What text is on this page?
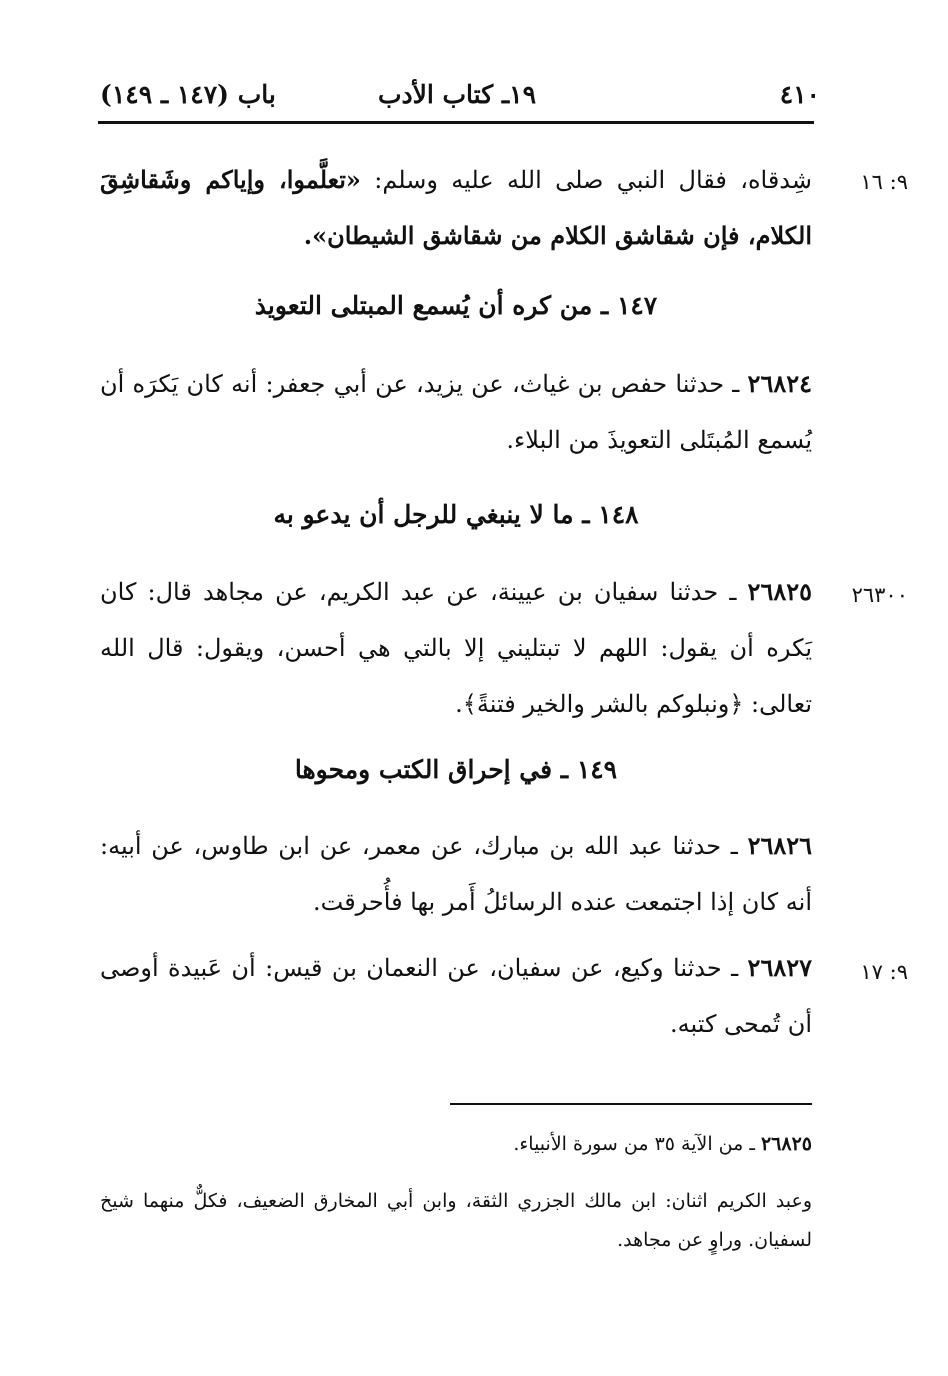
٤١٠
١٩ـ كتاب الأدب
باب (١٤٧ ـ ١٤٩)
٩: ١٦
٢٦٣٠٠
٩: ١٧

شِدقاه، فقال النبي صلى الله عليه وسلم: «تعلَّموا، وإياكم وشَقاشِقَ الكلام، فإن شقاشق الكلام من شقاشق الشيطان».

١٤٧ ـ من كره أن يُسمع المبتلى التعويذ

٢٦٨٢٤ ـ حدثنا حفص بن غياث، عن يزيد، عن أبي جعفر: أنه كان يَكرَه أن يُسمع المُبتَلى التعويذَ من البلاء.

١٤٨ ـ ما لا ينبغي للرجل أن يدعو به

٢٦٨٢٥ ـ حدثنا سفيان بن عيينة، عن عبد الكريم، عن مجاهد قال: كان يَكره أن يقول: اللهم لا تبتليني إلا بالتي هي أحسن، ويقول: قال الله تعالى: ﴿ونبلوكم بالشر والخير فتنةً﴾.

١٤٩ ـ في إحراق الكتب ومحوها

٢٦٨٢٦ ـ حدثنا عبد الله بن مبارك، عن معمر، عن ابن طاوس، عن أبيه: أنه كان إذا اجتمعت عنده الرسائلُ أَمر بها فأُحرقت.

٢٦٨٢٧ ـ حدثنا وكيع، عن سفيان، عن النعمان بن قيس: أن عَبيدة أوصى أن تُمحى كتبه.

٢٦٨٢٥ ـ من الآية ٣٥ من سورة الأنبياء.

وعبد الكريم اثنان: ابن مالك الجزري الثقة، وابن أبي المخارق الضعيف، فكلٌّ منهما شيخ لسفيان. وراوٍ عن مجاهد.
